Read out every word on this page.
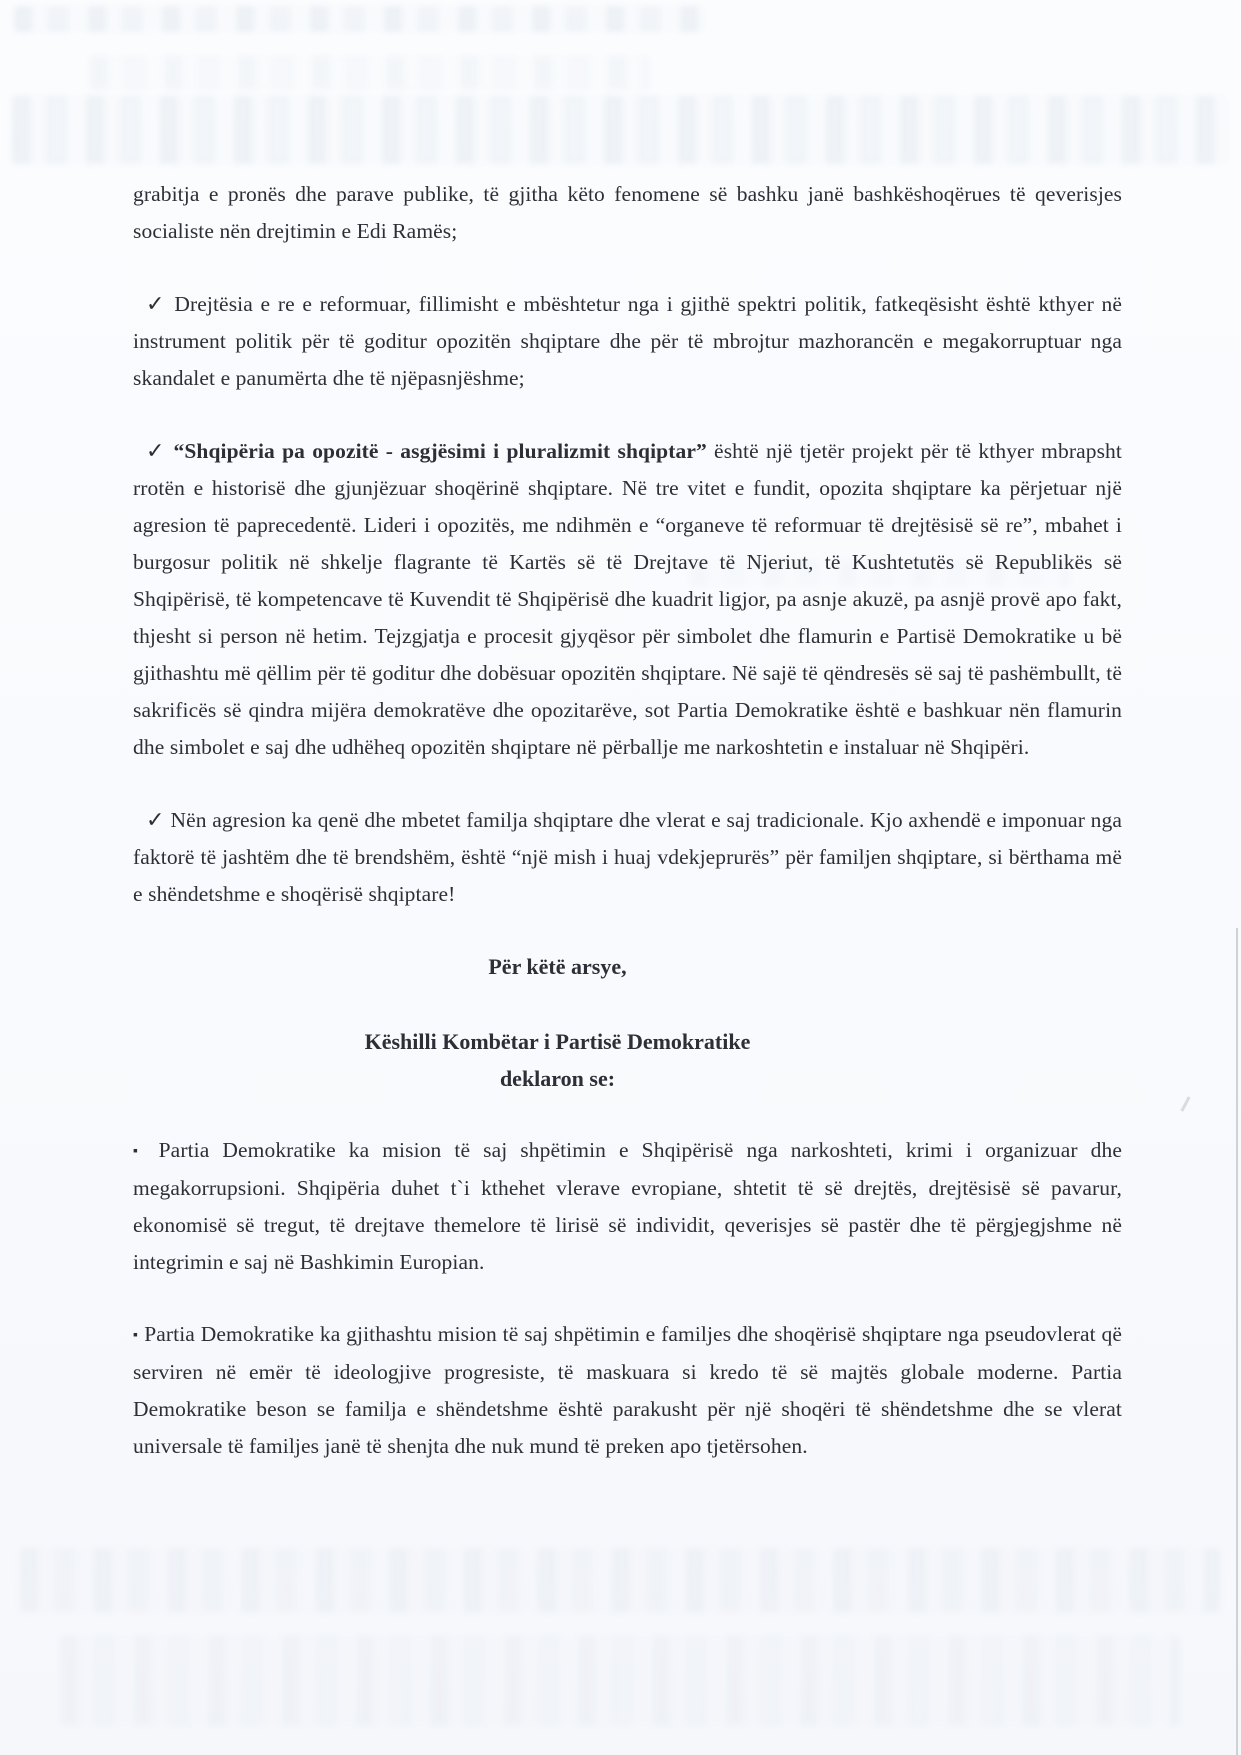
grabitja e pronës dhe parave publike, të gjitha këto fenomene së bashku janë bashkëshoqërues të qeverisjes socialiste nën drejtimin e Edi Ramës;

✓ Drejtësia e re e reformuar, fillimisht e mbështetur nga i gjithë spektri politik, fatkeqësisht është kthyer në instrument politik për të goditur opozitën shqiptare dhe për të mbrojtur mazhorancën e megakorruptuar nga skandalet e panumërta dhe të njëpasnjëshme;

✓ “Shqipëria pa opozitë - asgjësimi i pluralizmit shqiptar” është një tjetër projekt për të kthyer mbrapsht rrotën e historisë dhe gjunjëzuar shoqërinë shqiptare. Në tre vitet e fundit, opozita shqiptare ka përjetuar një agresion të paprecedentë. Lideri i opozitës, me ndihmën e “organeve të reformuar të drejtësisë së re”, mbahet i burgosur politik në shkelje flagrante të Kartës së të Drejtave të Njeriut, të Kushtetutës së Republikës së Shqipërisë, të kompetencave të Kuvendit të Shqipërisë dhe kuadrit ligjor, pa asnje akuzë, pa asnjë provë apo fakt, thjesht si person në hetim. Tejzgjatja e procesit gjyqësor për simbolet dhe flamurin e Partisë Demokratike u bë gjithashtu më qëllim për të goditur dhe dobësuar opozitën shqiptare. Në sajë të qëndresës së saj të pashëmbullt, të sakrificës së qindra mijëra demokratëve dhe opozitarëve, sot Partia Demokratike është e bashkuar nën flamurin dhe simbolet e saj dhe udhëheq opozitën shqiptare në përballje me narkoshtetin e instaluar në Shqipëri.

✓ Nën agresion ka qenë dhe mbetet familja shqiptare dhe vlerat e saj tradicionale. Kjo axhendë e imponuar nga faktorë të jashtëm dhe të brendshëm, është “një mish i huaj vdekjeprurës” për familjen shqiptare, si bërthama më e shëndetshme e shoqërisë shqiptare!

Për këtë arsye,

Këshilli Kombëtar i Partisë Demokratike
deklaron se:

▪ Partia Demokratike ka mision të saj shpëtimin e Shqipërisë nga narkoshteti, krimi i organizuar dhe megakorrupsioni. Shqipëria duhet t`i kthehet vlerave evropiane, shtetit të së drejtës, drejtësisë së pavarur, ekonomisë së tregut, të drejtave themelore të lirisë së individit, qeverisjes së pastër dhe të përgjegjshme në integrimin e saj në Bashkimin Europian.

▪ Partia Demokratike ka gjithashtu mision të saj shpëtimin e familjes dhe shoqërisë shqiptare nga pseudovlerat që serviren në emër të ideologjive progresiste, të maskuara si kredo të së majtës globale moderne. Partia Demokratike beson se familja e shëndetshme është parakusht për një shoqëri të shëndetshme dhe se vlerat universale të familjes janë të shenjta dhe nuk mund të preken apo tjetërsohen.
